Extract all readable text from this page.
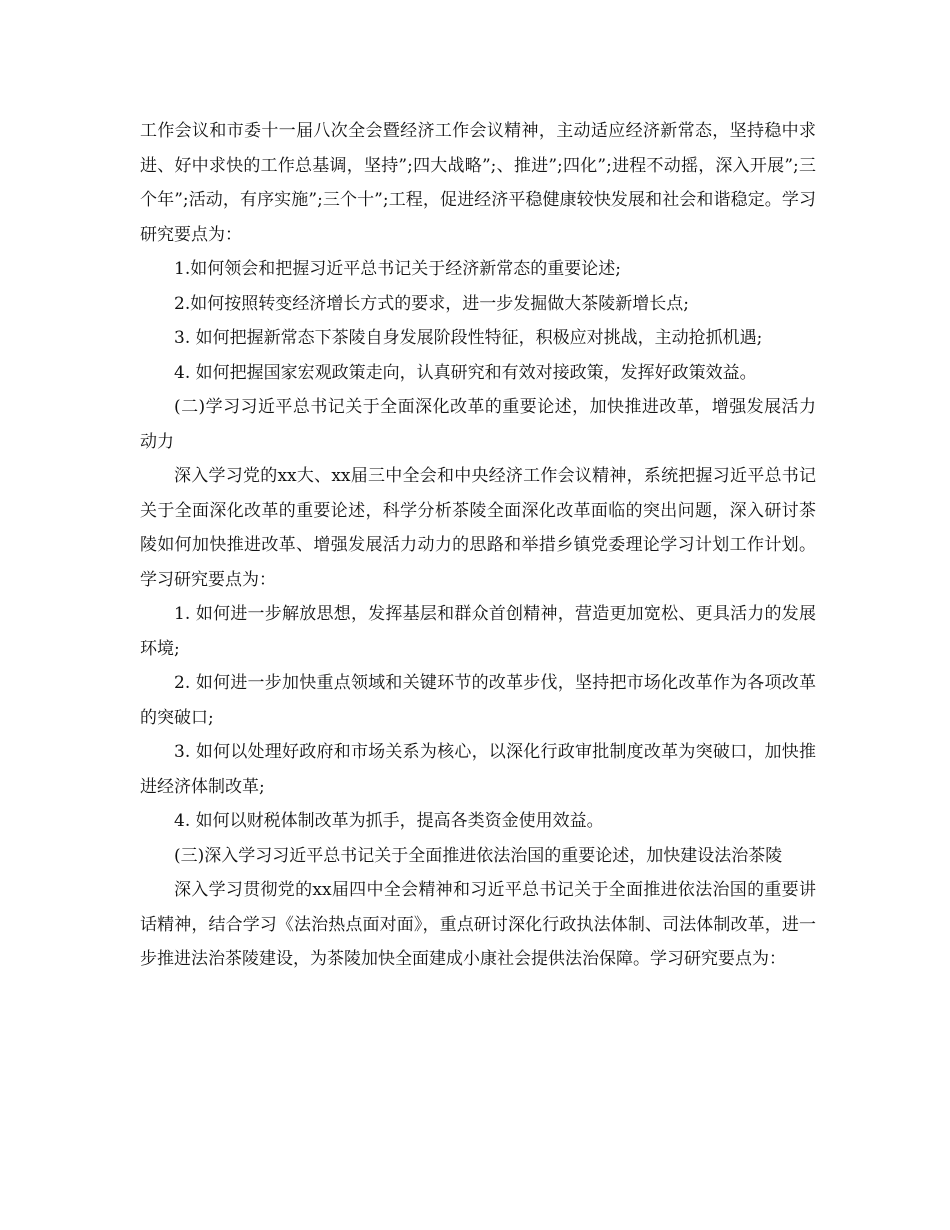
工作会议和市委十一届八次全会暨经济工作会议精神，主动适应经济新常态，坚持稳中求进、好中求快的工作总基调，坚持”;四大战略”;、推进”;四化”;进程不动摇，深入开展”;三个年”;活动，有序实施”;三个十”;工程，促进经济平稳健康较快发展和社会和谐稳定。学习研究要点为：

1.如何领会和把握习近平总书记关于经济新常态的重要论述;

2.如何按照转变经济增长方式的要求，进一步发掘做大茶陵新增长点;

3. 如何把握新常态下茶陵自身发展阶段性特征，积极应对挑战，主动抢抓机遇;

4. 如何把握国家宏观政策走向，认真研究和有效对接政策，发挥好政策效益。

(二)学习习近平总书记关于全面深化改革的重要论述，加快推进改革，增强发展活力动力

深入学习党的xx大、xx届三中全会和中央经济工作会议精神，系统把握习近平总书记关于全面深化改革的重要论述，科学分析茶陵全面深化改革面临的突出问题，深入研讨茶陵如何加快推进改革、增强发展活力动力的思路和举措乡镇党委理论学习计划工作计划。学习研究要点为：

1. 如何进一步解放思想，发挥基层和群众首创精神，营造更加宽松、更具活力的发展环境;

2. 如何进一步加快重点领域和关键环节的改革步伐，坚持把市场化改革作为各项改革的突破口;

3. 如何以处理好政府和市场关系为核心，以深化行政审批制度改革为突破口，加快推进经济体制改革;

4. 如何以财税体制改革为抓手，提高各类资金使用效益。

(三)深入学习习近平总书记关于全面推进依法治国的重要论述，加快建设法治茶陵

深入学习贯彻党的xx届四中全会精神和习近平总书记关于全面推进依法治国的重要讲话精神，结合学习《法治热点面对面》，重点研讨深化行政执法体制、司法体制改革，进一步推进法治茶陵建设，为茶陵加快全面建成小康社会提供法治保障。学习研究要点为：
